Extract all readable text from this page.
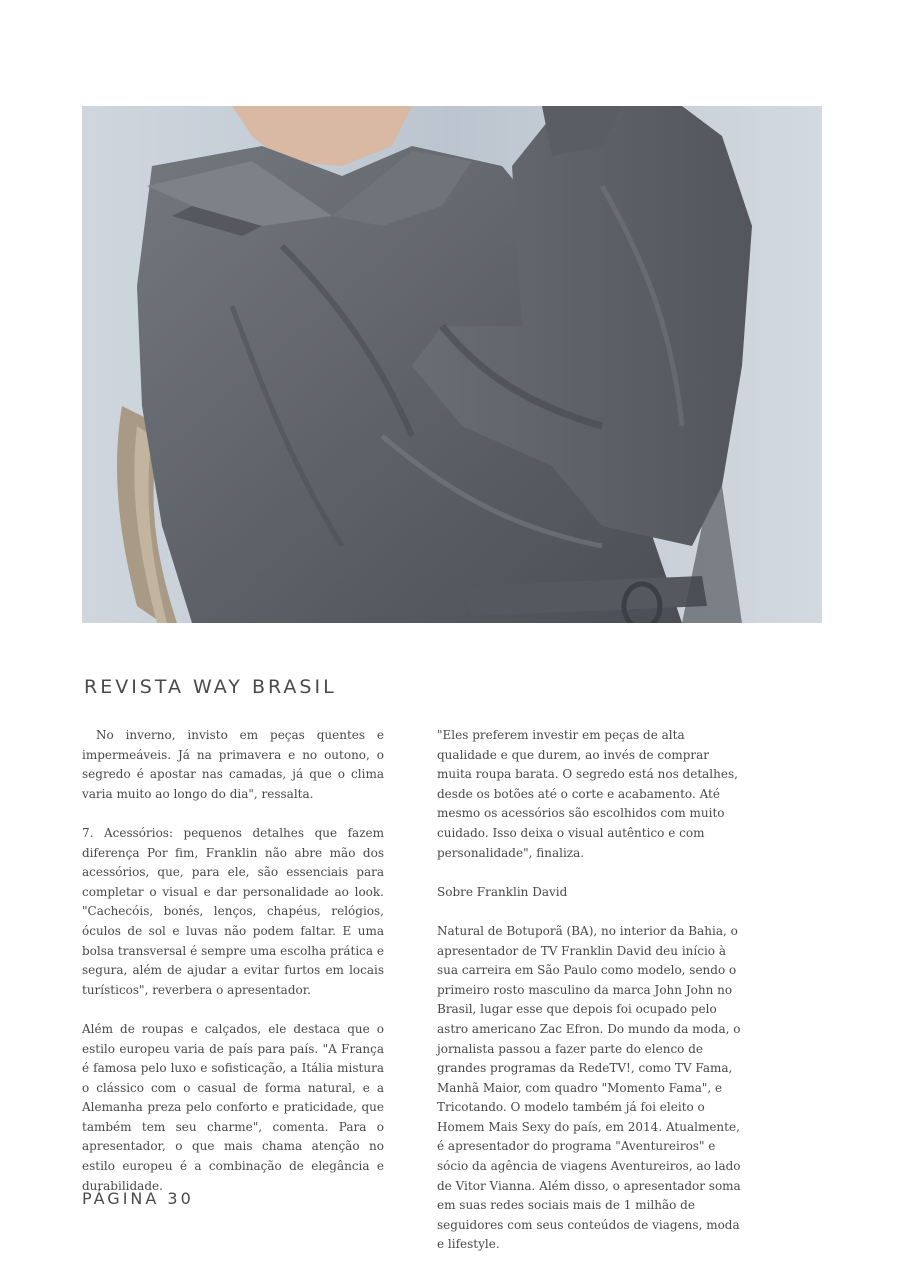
REVISTA WAY BRASIL

No inverno, invisto em peças quentes e impermeáveis. Já na primavera e no outono, o segredo é apostar nas camadas, já que o clima varia muito ao longo do dia", ressalta.

7. Acessórios: pequenos detalhes que fazem diferença Por fim, Franklin não abre mão dos acessórios, que, para ele, são essenciais para completar o visual e dar personalidade ao look. "Cachecóis, bonés, lenços, chapéus, relógios, óculos de sol e luvas não podem faltar. E uma bolsa transversal é sempre uma escolha prática e segura, além de ajudar a evitar furtos em locais turísticos", reverbera o apresentador.

Além de roupas e calçados, ele destaca que o estilo europeu varia de país para país. "A França é famosa pelo luxo e sofisticação, a Itália mistura o clássico com o casual de forma natural, e a Alemanha preza pelo conforto e praticidade, que também tem seu charme", comenta. Para o apresentador, o que mais chama atenção no estilo europeu é a combinação de elegância e durabilidade.

"Eles preferem investir em peças de alta qualidade e que durem, ao invés de comprar muita roupa barata. O segredo está nos detalhes, desde os botões até o corte e acabamento. Até mesmo os acessórios são escolhidos com muito cuidado. Isso deixa o visual autêntico e com personalidade", finaliza.

Sobre Franklin David

Natural de Botuporã (BA), no interior da Bahia, o apresentador de TV Franklin David deu início à sua carreira em São Paulo como modelo, sendo o primeiro rosto masculino da marca John John no Brasil, lugar esse que depois foi ocupado pelo astro americano Zac Efron. Do mundo da moda, o jornalista passou a fazer parte do elenco de grandes programas da RedeTV!, como TV Fama, Manhã Maior, com quadro "Momento Fama", e Tricotando. O modelo também já foi eleito o Homem Mais Sexy do país, em 2014. Atualmente, é apresentador do programa "Aventureiros" e sócio da agência de viagens Aventureiros, ao lado de Vitor Vianna. Além disso, o apresentador soma em suas redes sociais mais de 1 milhão de seguidores com seus conteúdos de viagens, moda e lifestyle.

PÁGINA 30
